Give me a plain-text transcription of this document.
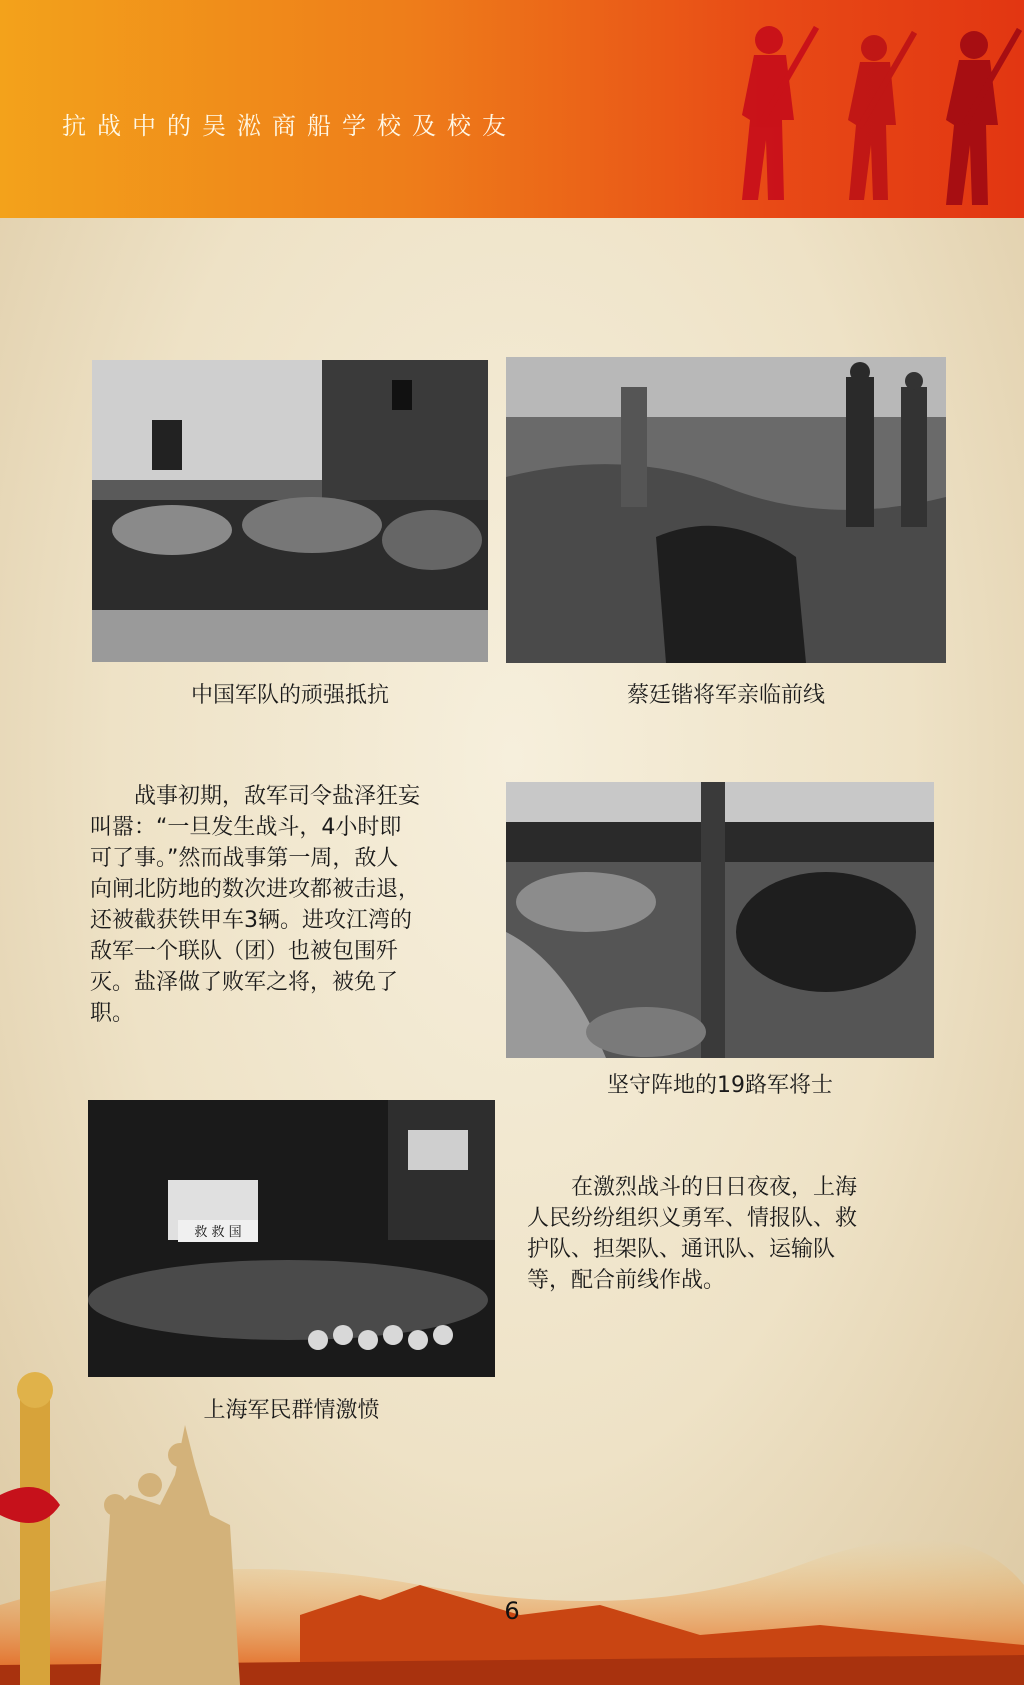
抗战中的吴淞商船学校及校友
中国军队的顽强抵抗	蔡廷锴将军亲临前线
战事初期，敌军司令盐泽狂妄
叫嚣：“一旦发生战斗，4小时即
可了事。”然而战事第一周，敌人
向闸北防地的数次进攻都被击退，
还被截获铁甲车3辆。进攻江湾的
敌军一个联队（团）也被包围歼
灭。盐泽做了败军之将，被免了
职。
坚守阵地的19路军将士
救 救 国
上海军民群情激愤
在激烈战斗的日日夜夜，上海
人民纷纷组织义勇军、情报队、救
护队、担架队、通讯队、运输队
等，配合前线作战。
6
